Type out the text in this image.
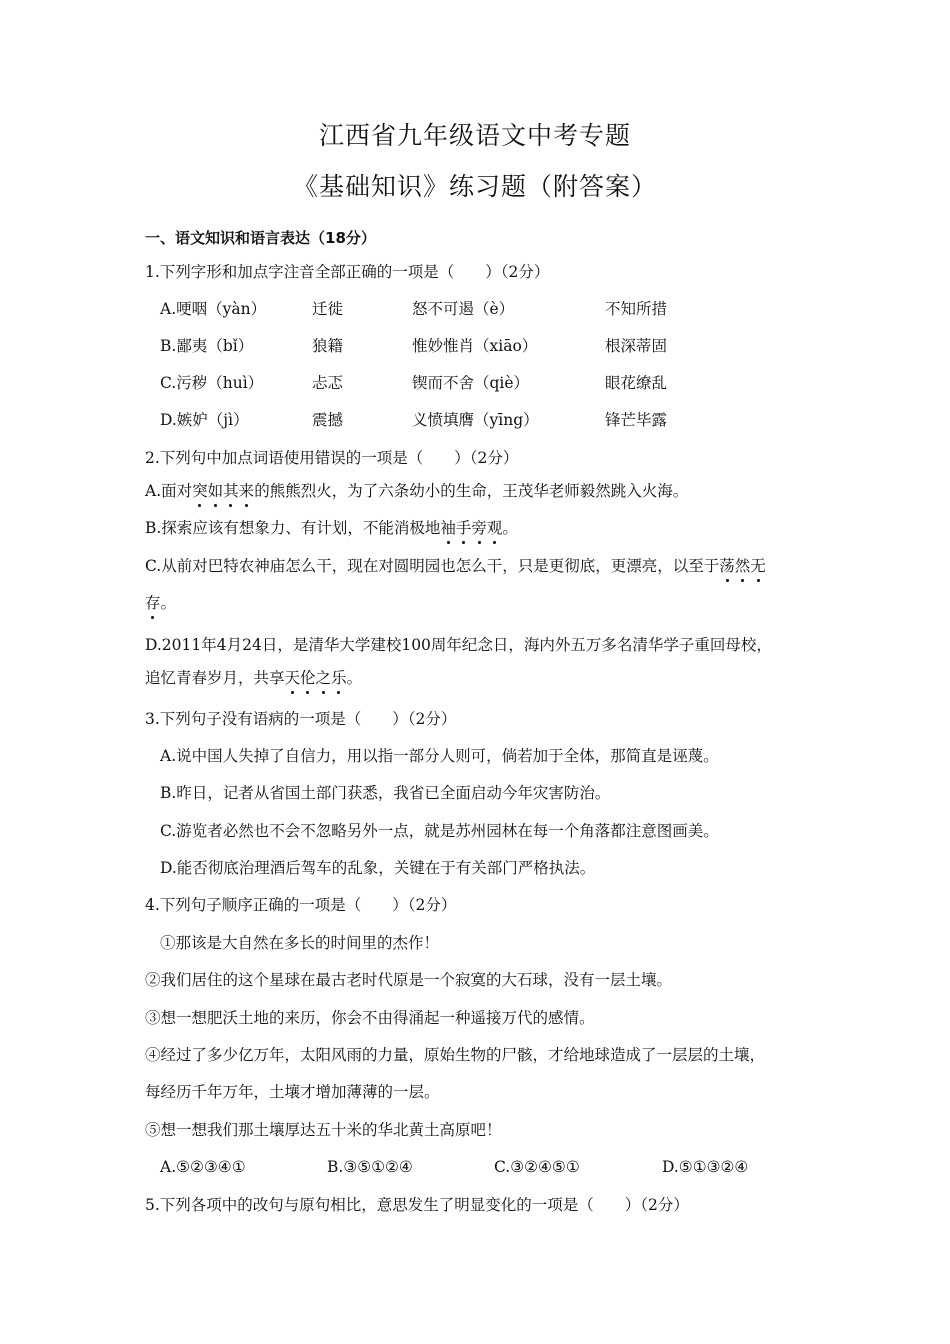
江西省九年级语文中考专题
《基础知识》练习题（附答案）
一、语文知识和语言表达（18分）
1.下列字形和加点字注音全部正确的一项是（　　）（2分）
A.哽咽（yàn）	迁徙	怒不可遏（è）	不知所措
B.鄙夷（bǐ）	狼籍	惟妙惟肖（xiāo）	根深蒂固
C.污秽（huì）	忐忑	锲而不舍（qiè）	眼花缭乱
D.嫉妒（jì）	震撼	义愤填膺（yīng）	锋芒毕露
2.下列句中加点词语使用错误的一项是（　　）（2分）
A.面对突如其来的熊熊烈火，为了六条幼小的生命，王茂华老师毅然跳入火海。
B.探索应该有想象力、有计划，不能消极地袖手旁观。
C.从前对巴特农神庙怎么干，现在对圆明园也怎么干，只是更彻底，更漂亮，以至于荡然无
存。
D.2011年4月24日，是清华大学建校100周年纪念日，海内外五万多名清华学子重回母校，
追忆青春岁月，共享天伦之乐。
3.下列句子没有语病的一项是（　　）（2分）
A.说中国人失掉了自信力，用以指一部分人则可，倘若加于全体，那简直是诬蔑。
B.昨日，记者从省国土部门获悉，我省已全面启动今年灾害防治。
C.游览者必然也不会不忽略另外一点，就是苏州园林在每一个角落都注意图画美。
D.能否彻底治理酒后驾车的乱象，关键在于有关部门严格执法。
4.下列句子顺序正确的一项是（　　）（2分）
①那该是大自然在多长的时间里的杰作！
②我们居住的这个星球在最古老时代原是一个寂寞的大石球，没有一层土壤。
③想一想肥沃土地的来历，你会不由得涌起一种遥接万代的感情。
④经过了多少亿万年，太阳风雨的力量，原始生物的尸骸，才给地球造成了一层层的土壤，
每经历千年万年，土壤才增加薄薄的一层。
⑤想一想我们那土壤厚达五十米的华北黄土高原吧！
A.⑤②③④①	B.③⑤①②④	C.③②④⑤①	D.⑤①③②④
5.下列各项中的改句与原句相比，意思发生了明显变化的一项是（　　）（2分）
